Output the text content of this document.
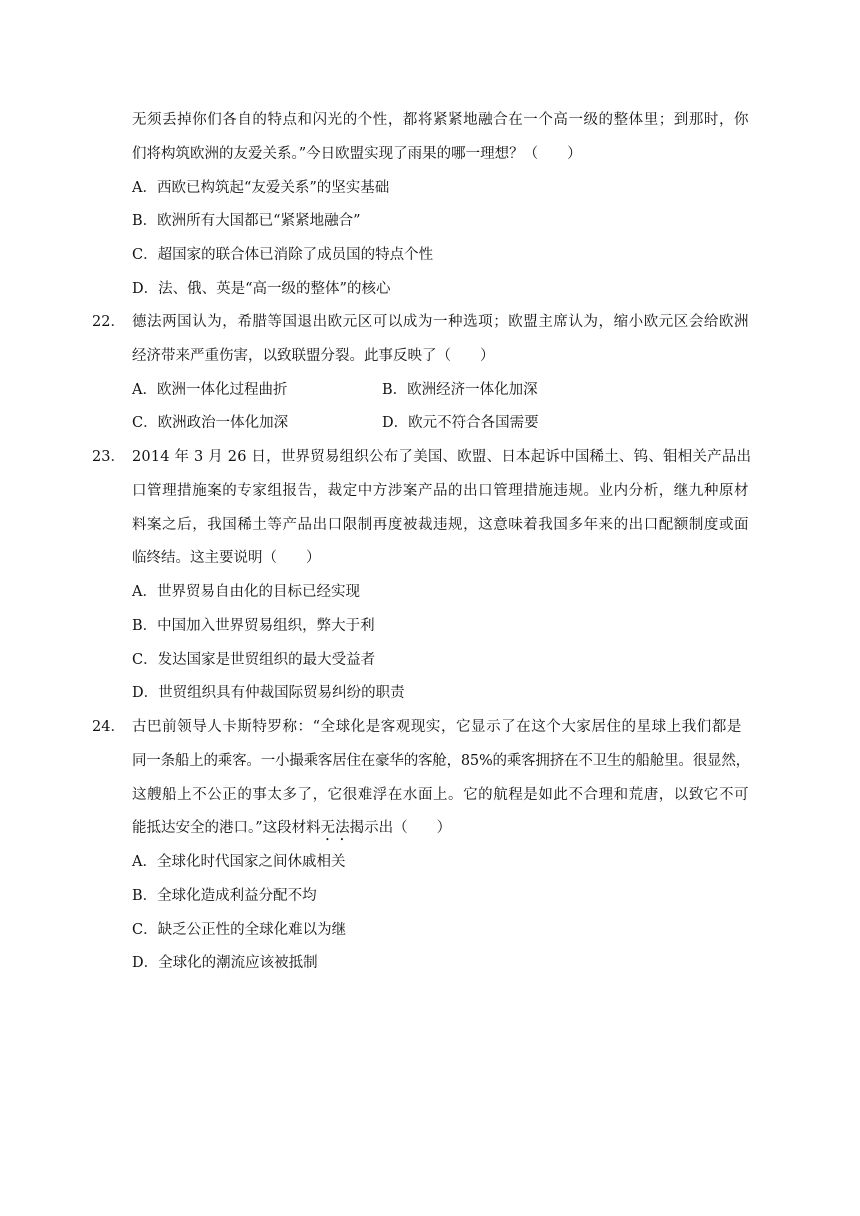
无须丢掉你们各自的特点和闪光的个性，都将紧紧地融合在一个高一级的整体里；到那时，你
们将构筑欧洲的友爱关系。”今日欧盟实现了雨果的哪一理想？（　　）
A．西欧已构筑起“友爱关系”的坚实基础
B．欧洲所有大国都已“紧紧地融合”
C．超国家的联合体已消除了成员国的特点个性
D．法、俄、英是“高一级的整体”的核心
22． 德法两国认为，希腊等国退出欧元区可以成为一种选项；欧盟主席认为，缩小欧元区会给欧洲
经济带来严重伤害，以致联盟分裂。此事反映了（　　）
A．欧洲一体化过程曲折	B．欧洲经济一体化加深
C．欧洲政治一体化加深	D．欧元不符合各国需要
23． 2014 年 3 月 26 日，世界贸易组织公布了美国、欧盟、日本起诉中国稀土、钨、钼相关产品出
口管理措施案的专家组报告，裁定中方涉案产品的出口管理措施违规。业内分析，继九种原材
料案之后，我国稀土等产品出口限制再度被裁违规，这意味着我国多年来的出口配额制度或面
临终结。这主要说明（　　）
A．世界贸易自由化的目标已经实现
B．中国加入世界贸易组织，弊大于利
C．发达国家是世贸组织的最大受益者
D．世贸组织具有仲裁国际贸易纠纷的职责
24． 古巴前领导人卡斯特罗称：“全球化是客观现实，它显示了在这个大家居住的星球上我们都是
同一条船上的乘客。一小撮乘客居住在豪华的客舱，85%的乘客拥挤在不卫生的船舱里。很显然，
这艘船上不公正的事太多了，它很难浮在水面上。它的航程是如此不合理和荒唐，以致它不可
能抵达安全的港口。”这段材料无法揭示出（　　）
A．全球化时代国家之间休戚相关
B．全球化造成利益分配不均
C．缺乏公正性的全球化难以为继
D．全球化的潮流应该被抵制
